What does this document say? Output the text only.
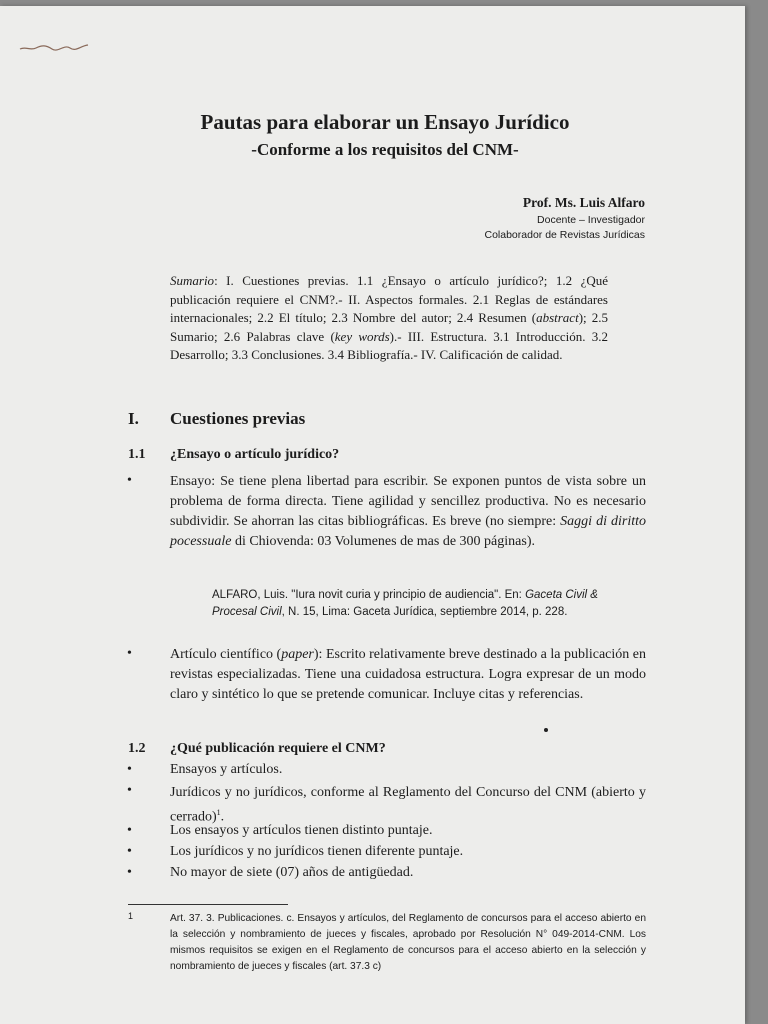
Pautas para elaborar un Ensayo Jurídico

-Conforme a los requisitos del CNM-

Prof. Ms. Luis Alfaro

Docente – Investigador

Colaborador de Revistas Jurídicas

Sumario: I. Cuestiones previas. 1.1 ¿Ensayo o artículo jurídico?; 1.2 ¿Qué publicación requiere el CNM?.- II. Aspectos formales. 2.1 Reglas de estándares internacionales; 2.2 El título; 2.3 Nombre del autor; 2.4 Resumen (abstract); 2.5 Sumario; 2.6 Palabras clave (key words).- III. Estructura. 3.1 Introducción. 3.2 Desarrollo; 3.3 Conclusiones. 3.4 Bibliografía.- IV. Calificación de calidad.

I. Cuestiones previas

1.1 ¿Ensayo o artículo jurídico?

•	Ensayo: Se tiene plena libertad para escribir. Se exponen puntos de vista sobre un problema de forma directa. Tiene agilidad y sencillez productiva. No es necesario subdividir. Se ahorran las citas bibliográficas. Es breve (no siempre: Saggi di diritto pocessuale di Chiovenda: 03 Volumenes de mas de 300 páginas).

ALFARO, Luis. "Iura novit curia y principio de audiencia". En: Gaceta Civil & Procesal Civil, N. 15, Lima: Gaceta Jurídica, septiembre 2014, p. 228.

•	Artículo científico (paper): Escrito relativamente breve destinado a la publicación en revistas especializadas. Tiene una cuidadosa estructura. Logra expresar de un modo claro y sintético lo que se pretende comunicar. Incluye citas y referencias.

1.2 ¿Qué publicación requiere el CNM?

•	Ensayos y artículos.

•	Jurídicos y no jurídicos, conforme al Reglamento del Concurso del CNM (abierto y cerrado)$^1$.

•	Los ensayos y artículos tienen distinto puntaje.

•	Los jurídicos y no jurídicos tienen diferente puntaje.

•	No mayor de siete (07) años de antigüedad.

1	Art. 37. 3. Publicaciones. c. Ensayos y artículos, del Reglamento de concursos para el acceso abierto en la selección y nombramiento de jueces y fiscales, aprobado por Resolución N° 049-2014-CNM. Los mismos requisitos se exigen en el Reglamento de concursos para el acceso abierto en la selección y nombramiento de jueces y fiscales (art. 37.3 c)
